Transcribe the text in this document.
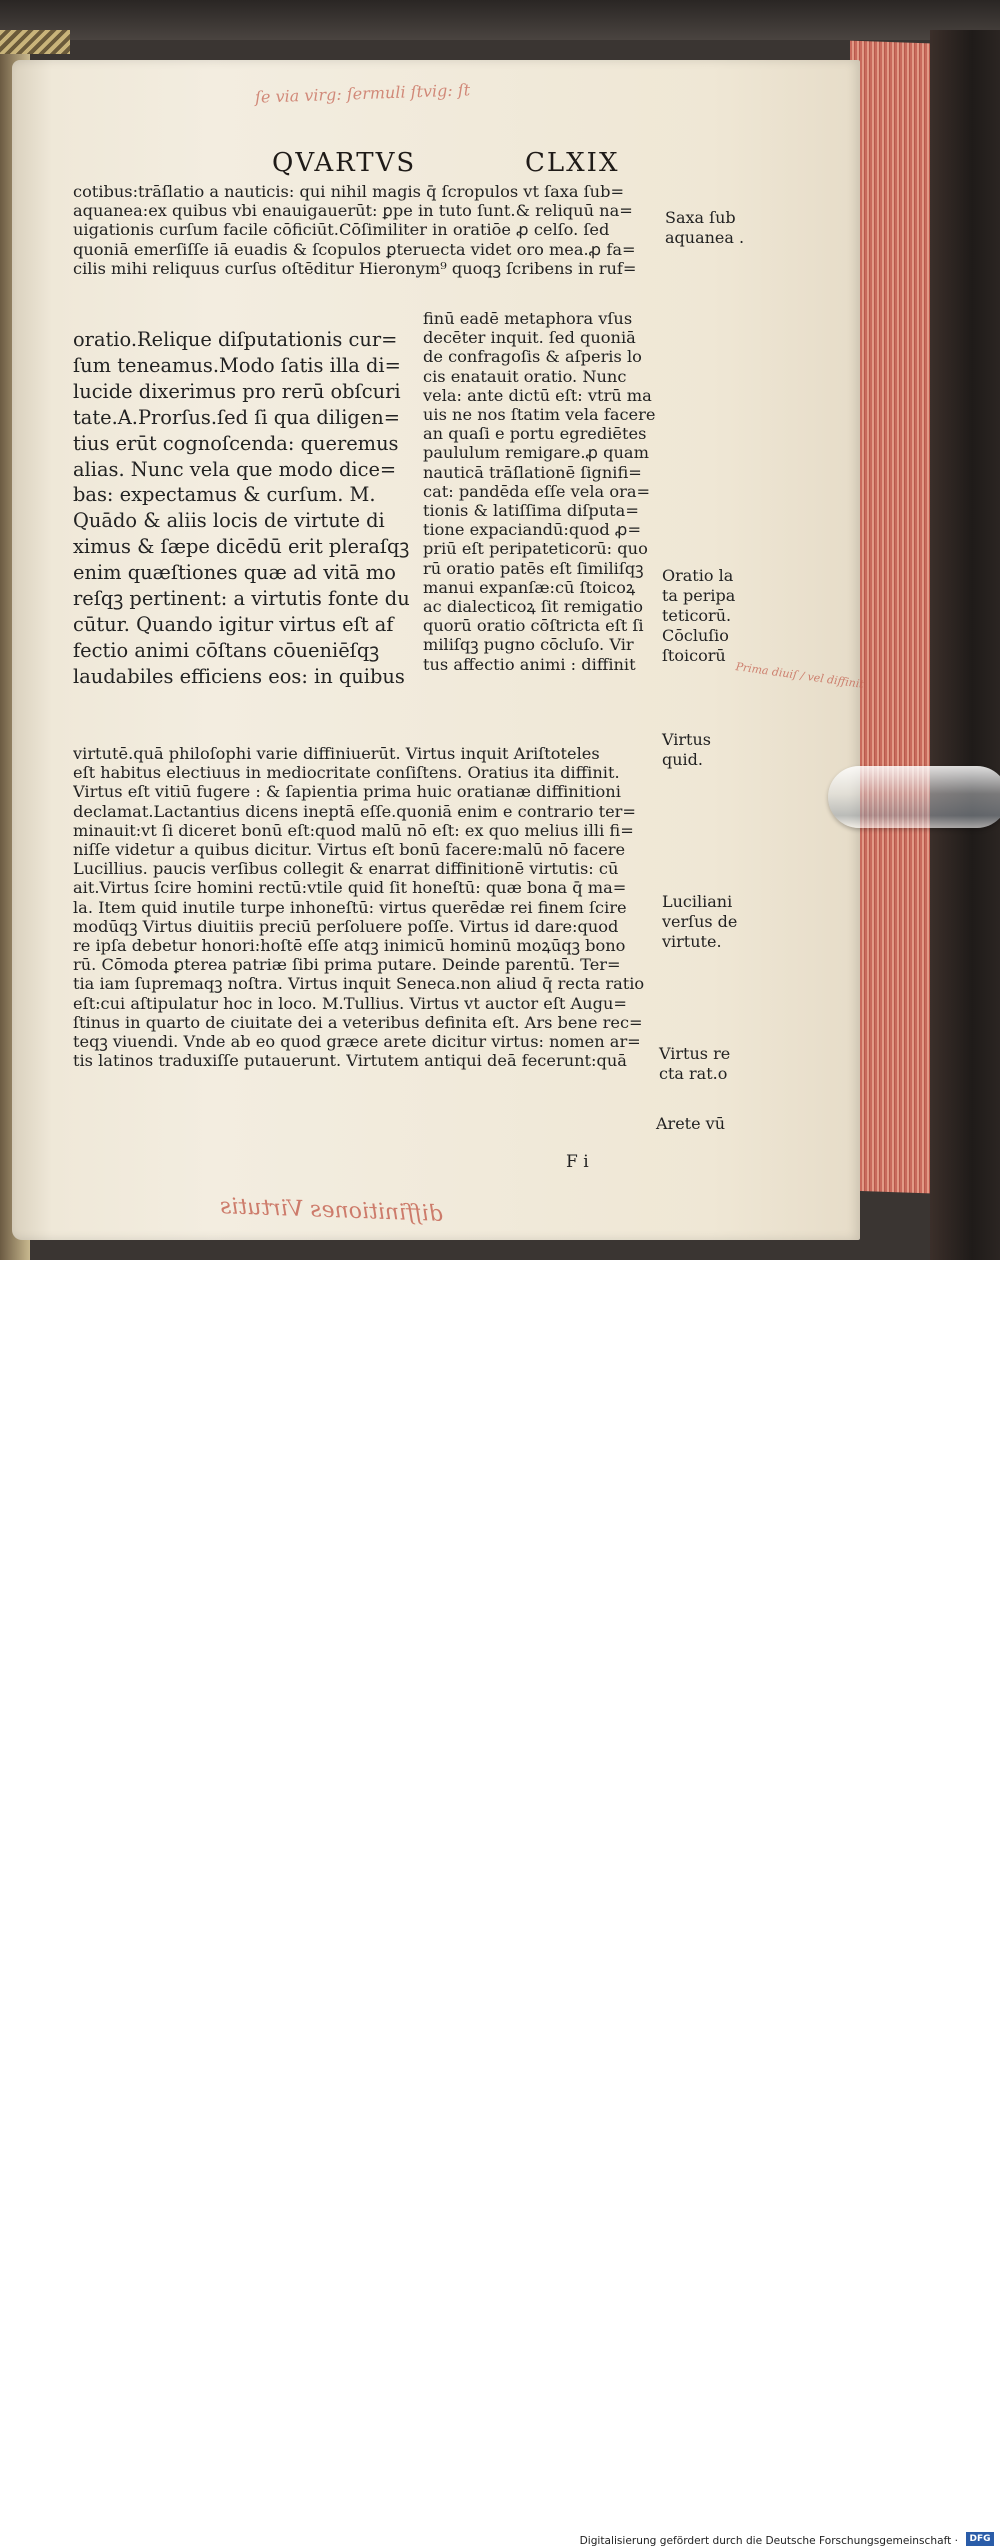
ſe via virg: ſermuli ſtvig: ſt
QVARTVS	CLXIX
cotibus:trāſlatio a nauticis: qui nihil magis q̄ ſcropulos vt ſaxa ſub=
aquanea:ex quibus vbi enauigauerūt: ꝑpe in tuto ſunt.& reliquū na=
uigationis curſum facile cōficiūt.Cōſimiliter in oratiōe ꝓ celſo. ſed
quoniā emerſiſſe iā euadis & ſcopulos ꝑteruecta videt oro mea.ꝓ fa=
cilis mihi reliquus curſus oſtēditur Hieronym⁹ quoqꝫ ſcribens in ruf=
oratio.Relique diſputationis cur=
ſum teneamus.Modo ſatis illa di=
lucide dixerimus pro rerū obſcuri
tate.A.Prorſus.ſed ſi qua diligen=
tius erūt cognoſcenda: queremus
alias. Nunc vela que modo dice=
bas: expectamus & curſum. M.
Quādo & aliis locis de virtute di
ximus & ſæpe dicēdū erit pleraſqꝫ
enim quæſtiones quæ ad vitā mo
reſqꝫ pertinent: a virtutis fonte du
cūtur. Quando igitur virtus eſt af
fectio animi cōſtans cōueniēſqꝫ
laudabiles efficiens eos: in quibus
finū eadē metaphora vſus
decēter inquit. ſed quoniā
de confragoſis & aſperis lo
cis enatauit oratio. Nunc
vela: ante dictū eſt: vtrū ma
uis ne nos ſtatim vela facere
an quaſi e portu egrediētes
paululum remigare.ꝓ quam
nauticā trāſlationē ſignifi=
cat: pandēda eſſe vela ora=
tionis & latiſſima diſputa=
tione expaciandū:quod ꝓ=
priū eſt peripateticorū: quo
rū oratio patēs eſt ſimiliſqꝫ
manui expanſæ:cū ſtoicoꝝ
ac dialecticoꝝ ſit remigatio
quorū oratio cōſtricta eſt ſi
miliſqꝫ pugno cōcluſo. Vir
tus affectio animi : diffinit
virtutē.quā philoſophi varie diffiniuerūt. Virtus inquit Ariſtoteles
eſt habitus electiuus in mediocritate conſiſtens. Oratius ita diffinit.
Virtus eſt vitiū fugere : & ſapientia prima huic oratianæ diffinitioni
declamat.Lactantius dicens ineptā eſſe.quoniā enim e contrario ter=
minauit:vt ſi diceret bonū eſt:quod malū nō eſt: ex quo melius illi fi=
niſſe videtur a quibus dicitur. Virtus eſt bonū facere:malū nō facere
Lucillius. paucis verſibus collegit & enarrat diffinitionē virtutis: cū
ait.Virtus ſcire homini rectū:vtile quid ſit honeſtū: quæ bona q̄ ma=
la. Item quid inutile turpe inhoneſtū: virtus querēdæ rei finem ſcire
modūqꝫ Virtus diuitiis preciū perſoluere poſſe. Virtus id dare:quod
re ipſa debetur honori:hoſtē eſſe atqꝫ inimicū hominū moꝝūqꝫ bono
rū. Cōmoda ꝑterea patriæ ſibi prima putare. Deinde parentū. Ter=
tia iam ſupremaqꝫ noſtra. Virtus inquit Seneca.non aliud q̄ recta ratio
eſt:cui aſtipulatur hoc in loco. M.Tullius. Virtus vt auctor eſt Augu=
ſtinus in quarto de ciuitate dei a veteribus definita eſt. Ars bene rec=
teqꝫ viuendi. Vnde ab eo quod græce arete dicitur virtus: nomen ar=
tis latinos traduxiſſe putauerunt. Virtutem antiqui deā fecerunt:quā
Saxa ſub
aquanea .
Oratio la
ta peripa
teticorū.
Cōcluſio
ſtoicorū
Virtus
quid.
Luciliani
verſus de
virtute.
Virtus re
cta rat.o
Arete vū
Prima diuiſ / vel diffinit
F i
diffinitiones Virtutis
Digitalisierung gefördert durch die Deutsche Forschungsgemeinschaft ·	DFG
